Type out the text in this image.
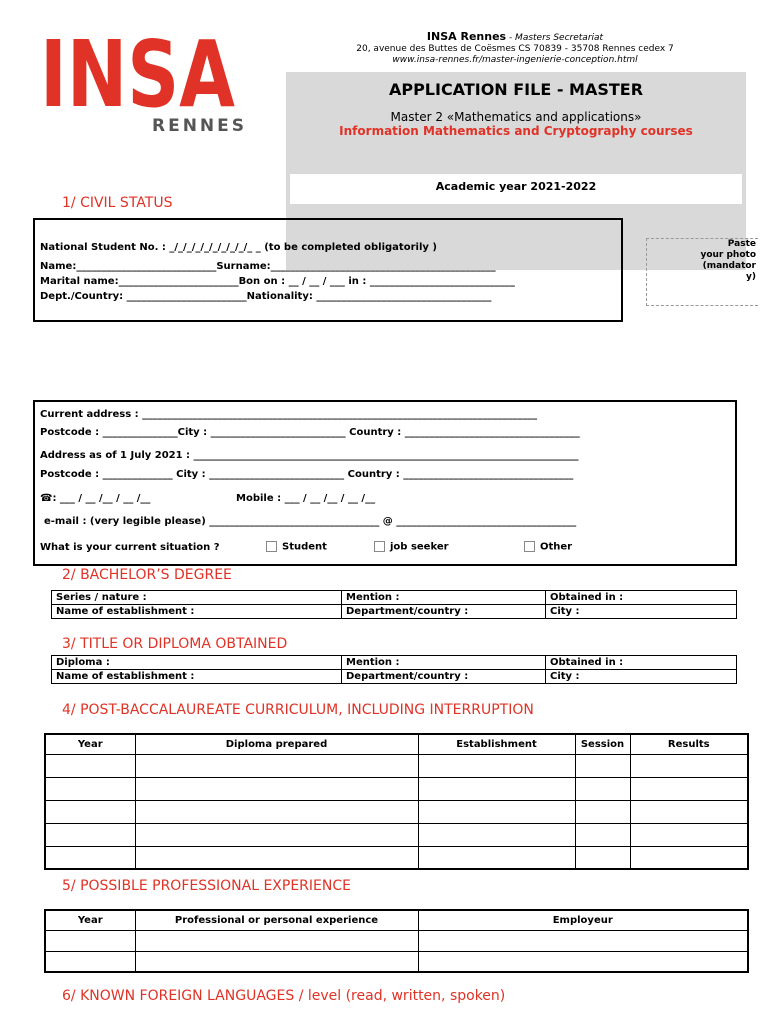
INSA
RENNES
INSA Rennes - Masters Secretariat
20, avenue des Buttes de Coësmes CS 70839 - 35708 Rennes cedex 7
www.insa-rennes.fr/master-ingenierie-conception.html
APPLICATION FILE - MASTER
Master 2 «Mathematics and applications»
Information Mathematics and Cryptography courses
Academic year 2021-2022
1/ CIVIL STATUS
National Student No. : _/_/_/_/_/_/_/_/_/_ _ (to be completed obligatorily )
Name:____________________________Surname:_____________________________________________
Marital name:________________________Bon on : __ / __ / ___ in : _____________________________
Dept./Country: ________________________Nationality: ___________________________________
Paste
your photo
(mandator
y)
Current address : _______________________________________________________________________________
Postcode : _______________City : ___________________________ Country : ___________________________________
Address as of 1 July 2021 : _____________________________________________________________________________
Postcode : ______________ City : ___________________________ Country : __________________________________
☎: ___ / __ /__ / __ /__	Mobile : ___ / __ /__ / __ /__
e-mail : (very legible please) __________________________________ @ ____________________________________
What is your current situation ?	Student	job seeker	Other
2/ BACHELOR’S DEGREE
Series / nature :	Mention :	Obtained in :
Name of establishment :	Department/country :	City :
3/ TITLE OR DIPLOMA OBTAINED
Diploma :	Mention :	Obtained in :
Name of establishment :	Department/country :	City :
4/ POST-BACCALAUREATE CURRICULUM, INCLUDING INTERRUPTION
Year	Diploma prepared	Establishment	Session	Results

5/ POSSIBLE PROFESSIONAL EXPERIENCE
Year	Professional or personal experience	Employeur

6/ KNOWN FOREIGN LANGUAGES / level (read, written, spoken)
